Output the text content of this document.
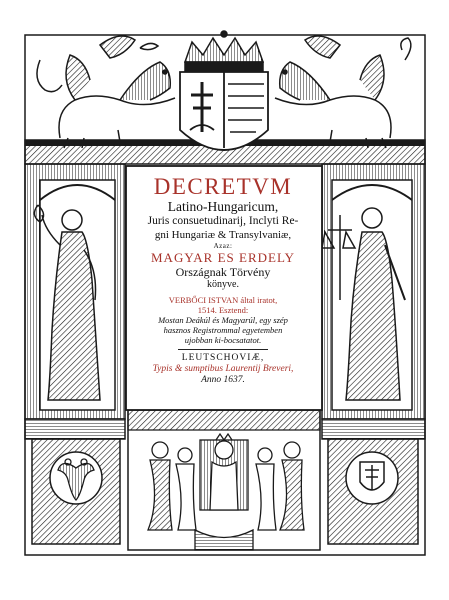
DECRETVM
Latino-Hungaricum,
Juris consuetudinarij, Inclyti Re-
gni Hungariæ & Transylvaniæ,
Azaz:
MAGYAR ES ERDELY
Országnak Törvény
könyve.
VERBŐCI ISTVAN által iratot,
1514. Esztend:
Mostan Deákúl és Magyarúl, egy szép
hasznos Registrommal egyetemben
ujobban ki-bocsatatot.
LEUTSCHOVIÆ,
Typis & sumptibus Laurentij Breveri,
Anno 1637.
